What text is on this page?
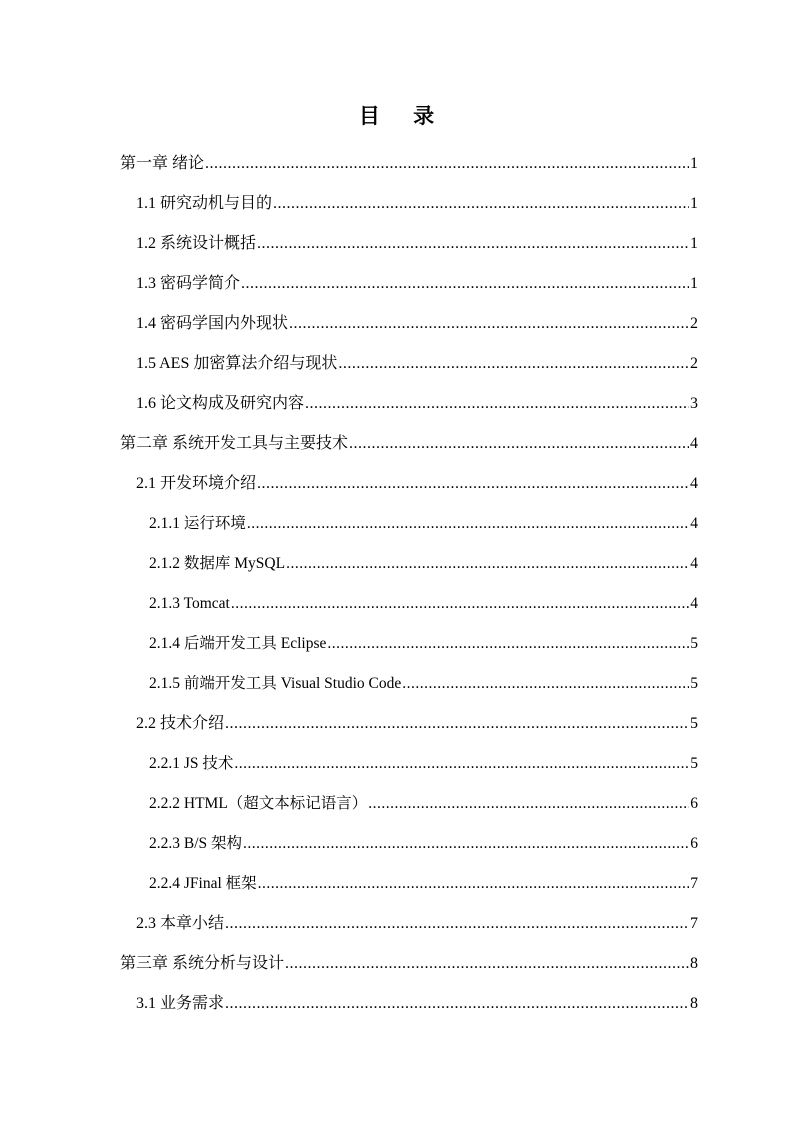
目 录
第一章 绪论 .....	1
1.1 研究动机与目的 .....	1
1.2 系统设计概括 .....	1
1.3 密码学简介 .....	1
1.4 密码学国内外现状 .....	2
1.5 AES 加密算法介绍与现状 .....	2
1.6 论文构成及研究内容 .....	3
第二章 系统开发工具与主要技术 .....	4
2.1 开发环境介绍 .....	4
2.1.1 运行环境 .....	4
2.1.2 数据库 MySQL .....	4
2.1.3 Tomcat .....	4
2.1.4 后端开发工具 Eclipse .....	5
2.1.5 前端开发工具 Visual Studio Code .....	5
2.2 技术介绍 .....	5
2.2.1 JS 技术 .....	5
2.2.2 HTML（超文本标记语言） .....	6
2.2.3 B/S 架构 .....	6
2.2.4 JFinal 框架 .....	7
2.3 本章小结 .....	7
第三章 系统分析与设计 .....	8
3.1 业务需求 .....	8
